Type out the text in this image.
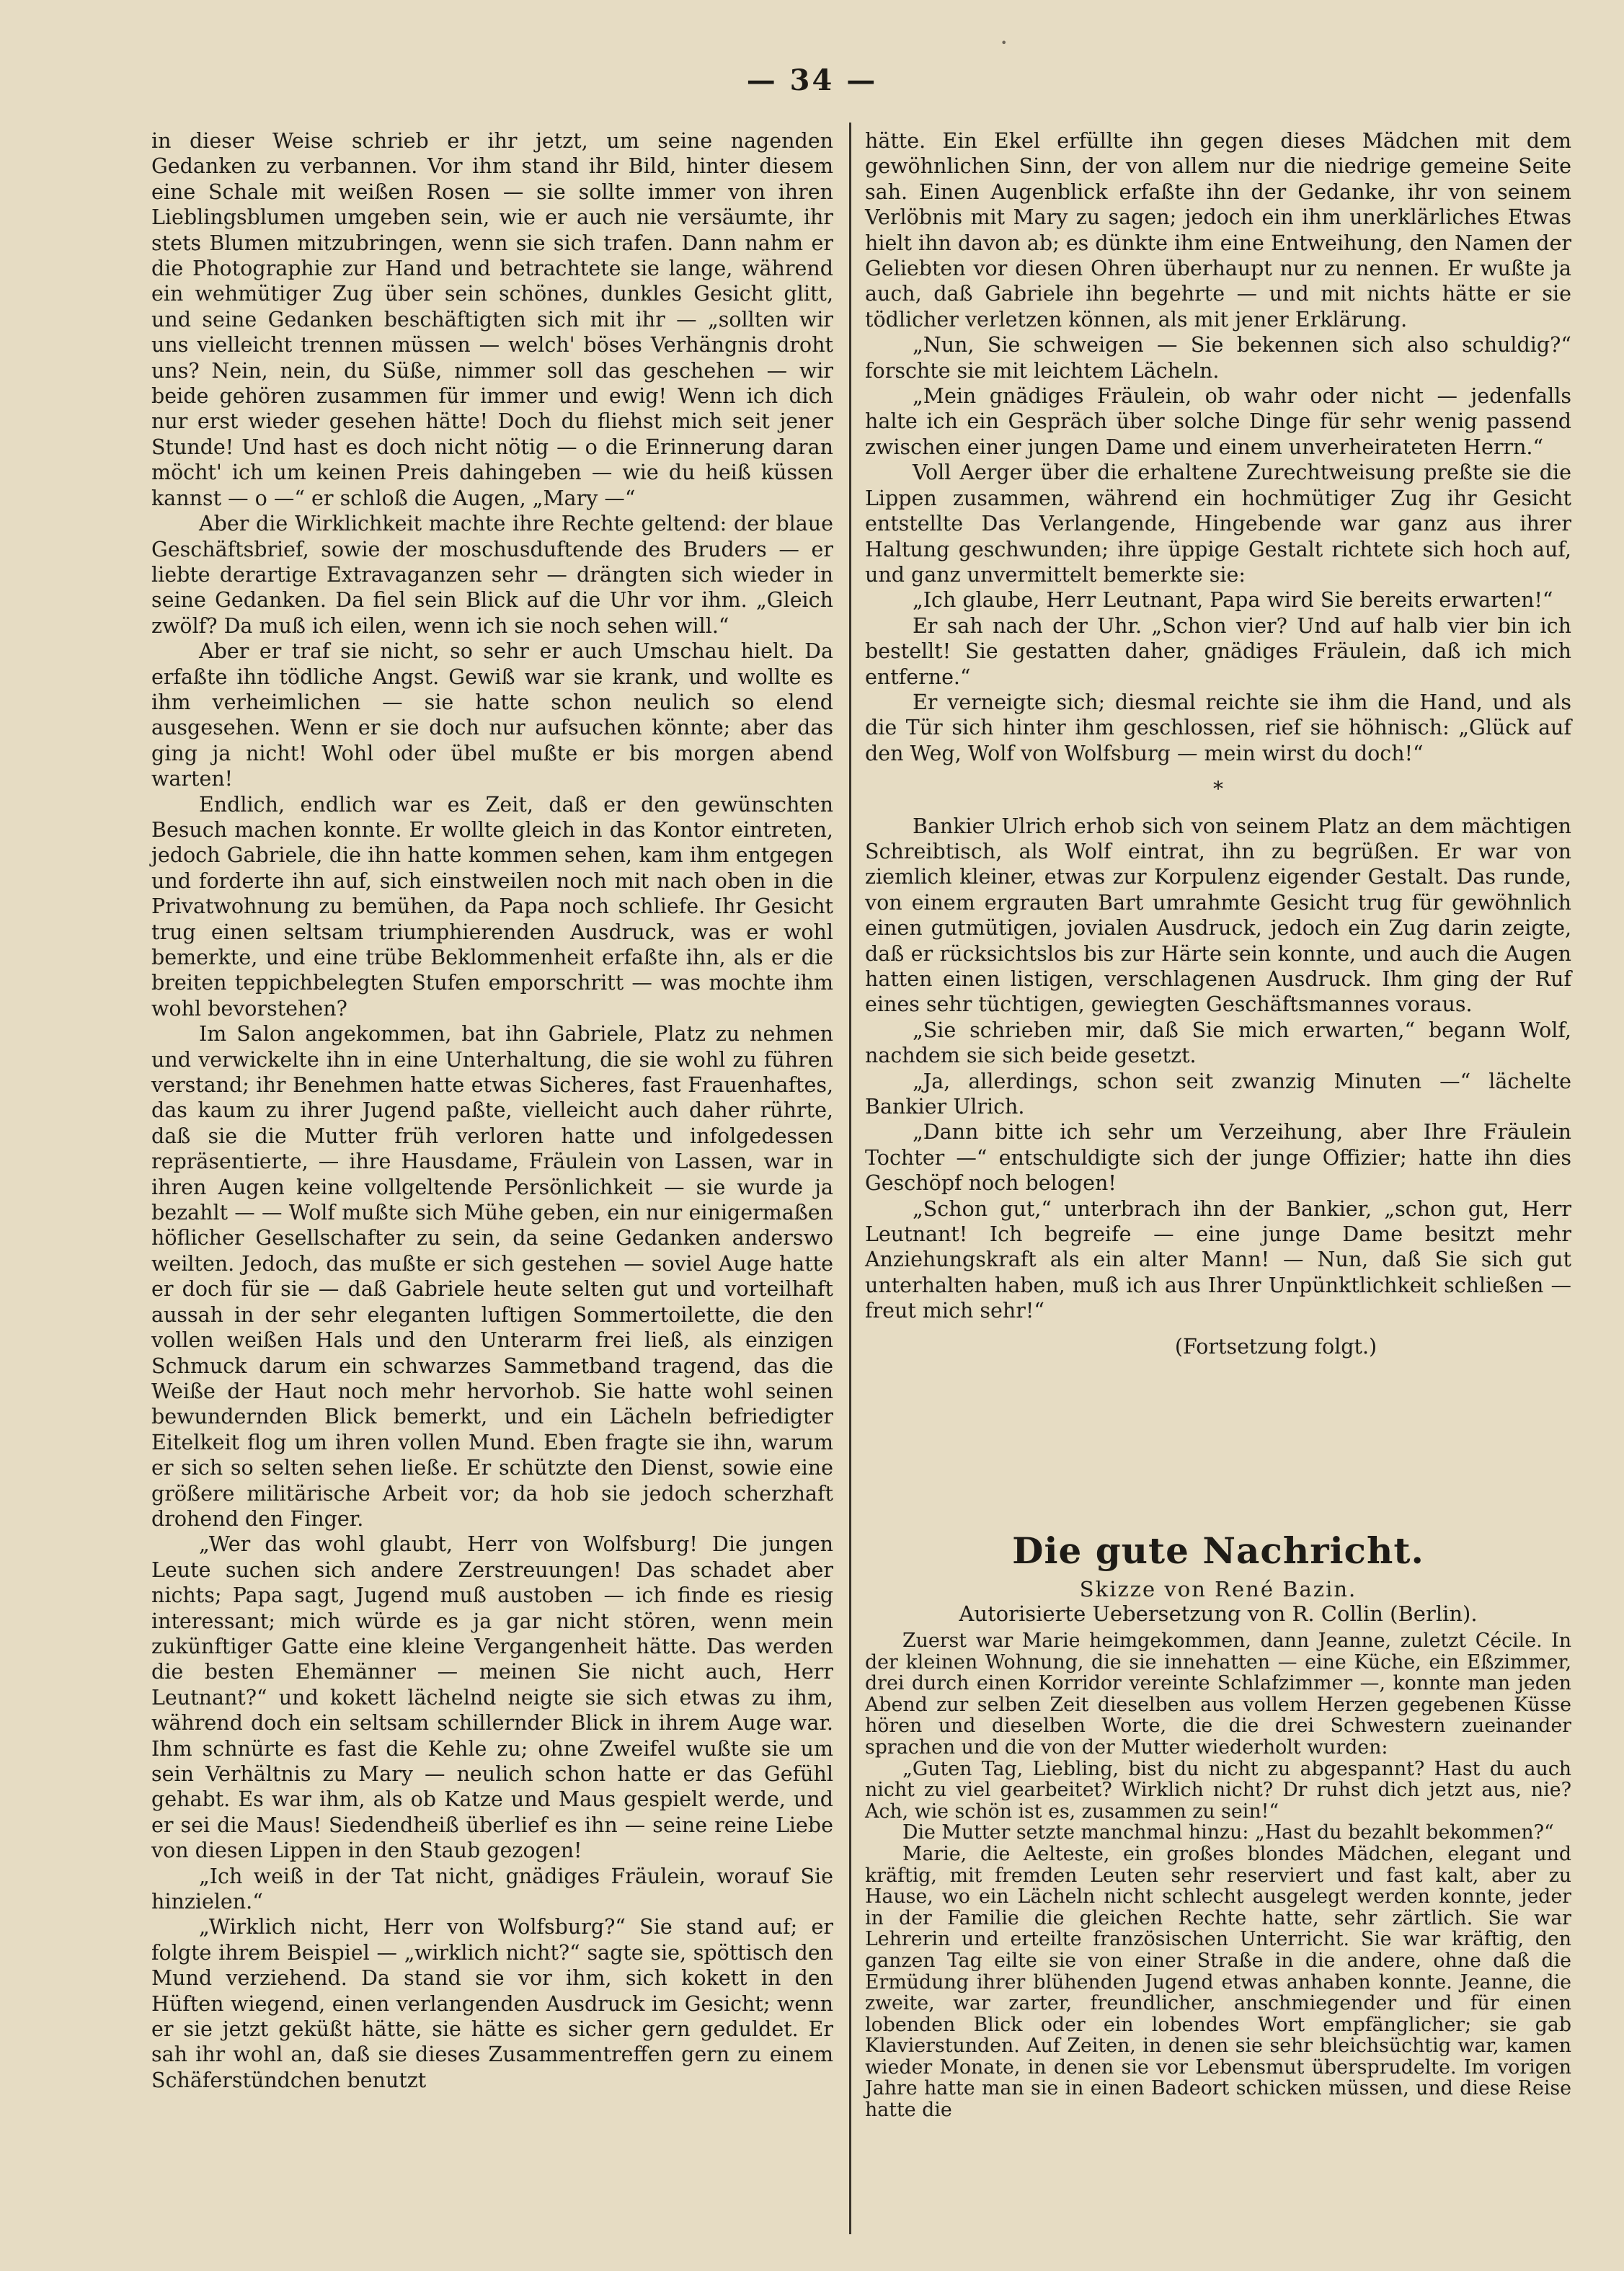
•
— 34 —

in dieser Weise schrieb er ihr jetzt, um seine nagenden Gedanken zu verbannen. Vor ihm stand ihr Bild, hinter diesem eine Schale mit weißen Rosen — sie sollte immer von ihren Lieblingsblumen umgeben sein, wie er auch nie versäumte, ihr stets Blumen mitzubringen, wenn sie sich trafen. Dann nahm er die Photographie zur Hand und betrachtete sie lange, während ein wehmütiger Zug über sein schönes, dunkles Gesicht glitt, und seine Gedanken beschäftigten sich mit ihr — „sollten wir uns vielleicht trennen müssen — welch' böses Verhängnis droht uns? Nein, nein, du Süße, nimmer soll das geschehen — wir beide gehören zusammen für immer und ewig! Wenn ich dich nur erst wieder gesehen hätte! Doch du fliehst mich seit jener Stunde! Und hast es doch nicht nötig — o die Erinnerung daran möcht' ich um keinen Preis dahingeben — wie du heiß küssen kannst — o —“ er schloß die Augen, „Mary —“

Aber die Wirklichkeit machte ihre Rechte geltend: der blaue Geschäftsbrief, sowie der moschusduftende des Bruders — er liebte derartige Extravaganzen sehr — drängten sich wieder in seine Gedanken. Da fiel sein Blick auf die Uhr vor ihm. „Gleich zwölf? Da muß ich eilen, wenn ich sie noch sehen will.“

Aber er traf sie nicht, so sehr er auch Umschau hielt. Da erfaßte ihn tödliche Angst. Gewiß war sie krank, und wollte es ihm verheimlichen — sie hatte schon neulich so elend ausgesehen. Wenn er sie doch nur aufsuchen könnte; aber das ging ja nicht! Wohl oder übel mußte er bis morgen abend warten!

Endlich, endlich war es Zeit, daß er den gewünschten Besuch machen konnte. Er wollte gleich in das Kontor eintreten, jedoch Gabriele, die ihn hatte kommen sehen, kam ihm entgegen und forderte ihn auf, sich einstweilen noch mit nach oben in die Privatwohnung zu bemühen, da Papa noch schliefe. Ihr Gesicht trug einen seltsam triumphierenden Ausdruck, was er wohl bemerkte, und eine trübe Beklommenheit erfaßte ihn, als er die breiten teppichbelegten Stufen emporschritt — was mochte ihm wohl bevorstehen?

Im Salon angekommen, bat ihn Gabriele, Platz zu nehmen und verwickelte ihn in eine Unterhaltung, die sie wohl zu führen verstand; ihr Benehmen hatte etwas Sicheres, fast Frauenhaftes, das kaum zu ihrer Jugend paßte, vielleicht auch daher rührte, daß sie die Mutter früh verloren hatte und infolgedessen repräsentierte, — ihre Hausdame, Fräulein von Lassen, war in ihren Augen keine vollgeltende Persönlichkeit — sie wurde ja bezahlt — — Wolf mußte sich Mühe geben, ein nur einigermaßen höflicher Gesellschafter zu sein, da seine Gedanken anderswo weilten. Jedoch, das mußte er sich gestehen — soviel Auge hatte er doch für sie — daß Gabriele heute selten gut und vorteilhaft aussah in der sehr eleganten luftigen Sommertoilette, die den vollen weißen Hals und den Unterarm frei ließ, als einzigen Schmuck darum ein schwarzes Sammetband tragend, das die Weiße der Haut noch mehr hervorhob. Sie hatte wohl seinen bewundernden Blick bemerkt, und ein Lächeln befriedigter Eitelkeit flog um ihren vollen Mund. Eben fragte sie ihn, warum er sich so selten sehen ließe. Er schützte den Dienst, sowie eine größere militärische Arbeit vor; da hob sie jedoch scherzhaft drohend den Finger.

„Wer das wohl glaubt, Herr von Wolfsburg! Die jungen Leute suchen sich andere Zerstreuungen! Das schadet aber nichts; Papa sagt, Jugend muß austoben — ich finde es riesig interessant; mich würde es ja gar nicht stören, wenn mein zukünftiger Gatte eine kleine Vergangenheit hätte. Das werden die besten Ehemänner — meinen Sie nicht auch, Herr Leutnant?“ und kokett lächelnd neigte sie sich etwas zu ihm, während doch ein seltsam schillernder Blick in ihrem Auge war. Ihm schnürte es fast die Kehle zu; ohne Zweifel wußte sie um sein Verhältnis zu Mary — neulich schon hatte er das Gefühl gehabt. Es war ihm, als ob Katze und Maus gespielt werde, und er sei die Maus! Siedendheiß überlief es ihn — seine reine Liebe von diesen Lippen in den Staub gezogen!

„Ich weiß in der Tat nicht, gnädiges Fräulein, worauf Sie hinzielen.“

„Wirklich nicht, Herr von Wolfsburg?“ Sie stand auf; er folgte ihrem Beispiel — „wirklich nicht?“ sagte sie, spöttisch den Mund verziehend. Da stand sie vor ihm, sich kokett in den Hüften wiegend, einen verlangenden Ausdruck im Gesicht; wenn er sie jetzt geküßt hätte, sie hätte es sicher gern geduldet. Er sah ihr wohl an, daß sie dieses Zusammentreffen gern zu einem Schäferstündchen benutzt

hätte. Ein Ekel erfüllte ihn gegen dieses Mädchen mit dem gewöhnlichen Sinn, der von allem nur die niedrige gemeine Seite sah. Einen Augenblick erfaßte ihn der Gedanke, ihr von seinem Verlöbnis mit Mary zu sagen; jedoch ein ihm unerklärliches Etwas hielt ihn davon ab; es dünkte ihm eine Entweihung, den Namen der Geliebten vor diesen Ohren überhaupt nur zu nennen. Er wußte ja auch, daß Gabriele ihn begehrte — und mit nichts hätte er sie tödlicher verletzen können, als mit jener Erklärung.

„Nun, Sie schweigen — Sie bekennen sich also schuldig?“ forschte sie mit leichtem Lächeln.

„Mein gnädiges Fräulein, ob wahr oder nicht — jedenfalls halte ich ein Gespräch über solche Dinge für sehr wenig passend zwischen einer jungen Dame und einem unverheirateten Herrn.“

Voll Aerger über die erhaltene Zurechtweisung preßte sie die Lippen zusammen, während ein hochmütiger Zug ihr Gesicht entstellte Das Verlangende, Hingebende war ganz aus ihrer Haltung geschwunden; ihre üppige Gestalt richtete sich hoch auf, und ganz unvermittelt bemerkte sie:

„Ich glaube, Herr Leutnant, Papa wird Sie bereits erwarten!“

Er sah nach der Uhr. „Schon vier? Und auf halb vier bin ich bestellt! Sie gestatten daher, gnädiges Fräulein, daß ich mich entferne.“

Er verneigte sich; diesmal reichte sie ihm die Hand, und als die Tür sich hinter ihm geschlossen, rief sie höhnisch: „Glück auf den Weg, Wolf von Wolfsburg — mein wirst du doch!“

*

Bankier Ulrich erhob sich von seinem Platz an dem mächtigen Schreibtisch, als Wolf eintrat, ihn zu begrüßen. Er war von ziemlich kleiner, etwas zur Korpulenz eigender Gestalt. Das runde, von einem ergrauten Bart umrahmte Gesicht trug für gewöhnlich einen gutmütigen, jovialen Ausdruck, jedoch ein Zug darin zeigte, daß er rücksichtslos bis zur Härte sein konnte, und auch die Augen hatten einen listigen, verschlagenen Ausdruck. Ihm ging der Ruf eines sehr tüchtigen, gewiegten Geschäftsmannes voraus.

„Sie schrieben mir, daß Sie mich erwarten,“ begann Wolf, nachdem sie sich beide gesetzt.

„Ja, allerdings, schon seit zwanzig Minuten —“ lächelte Bankier Ulrich.

„Dann bitte ich sehr um Verzeihung, aber Ihre Fräulein Tochter —“ entschuldigte sich der junge Offizier; hatte ihn dies Geschöpf noch belogen!

„Schon gut,“ unterbrach ihn der Bankier, „schon gut, Herr Leutnant! Ich begreife — eine junge Dame besitzt mehr Anziehungskraft als ein alter Mann! — Nun, daß Sie sich gut unterhalten haben, muß ich aus Ihrer Unpünktlichkeit schließen — freut mich sehr!“

(Fortsetzung folgt.)
Die gute Nachricht.
Skizze von René Bazin.
Autorisierte Uebersetzung von R. Collin (Berlin).

Zuerst war Marie heimgekommen, dann Jeanne, zuletzt Cécile. In der kleinen Wohnung, die sie innehatten — eine Küche, ein Eßzimmer, drei durch einen Korridor vereinte Schlafzimmer —, konnte man jeden Abend zur selben Zeit dieselben aus vollem Herzen gegebenen Küsse hören und dieselben Worte, die die drei Schwestern zueinander sprachen und die von der Mutter wiederholt wurden:

„Guten Tag, Liebling, bist du nicht zu abgespannt? Hast du auch nicht zu viel gearbeitet? Wirklich nicht? Dr ruhst dich jetzt aus, nie? Ach, wie schön ist es, zusammen zu sein!“

Die Mutter setzte manchmal hinzu: „Hast du bezahlt bekommen?“

Marie, die Aelteste, ein großes blondes Mädchen, elegant und kräftig, mit fremden Leuten sehr reserviert und fast kalt, aber zu Hause, wo ein Lächeln nicht schlecht ausgelegt werden konnte, jeder in der Familie die gleichen Rechte hatte, sehr zärtlich. Sie war Lehrerin und erteilte französischen Unterricht. Sie war kräftig, den ganzen Tag eilte sie von einer Straße in die andere, ohne daß die Ermüdung ihrer blühenden Jugend etwas anhaben konnte. Jeanne, die zweite, war zarter, freundlicher, anschmiegender und für einen lobenden Blick oder ein lobendes Wort empfänglicher; sie gab Klavierstunden. Auf Zeiten, in denen sie sehr bleichsüchtig war, kamen wieder Monate, in denen sie vor Lebensmut übersprudelte. Im vorigen Jahre hatte man sie in einen Badeort schicken müssen, und diese Reise hatte die
